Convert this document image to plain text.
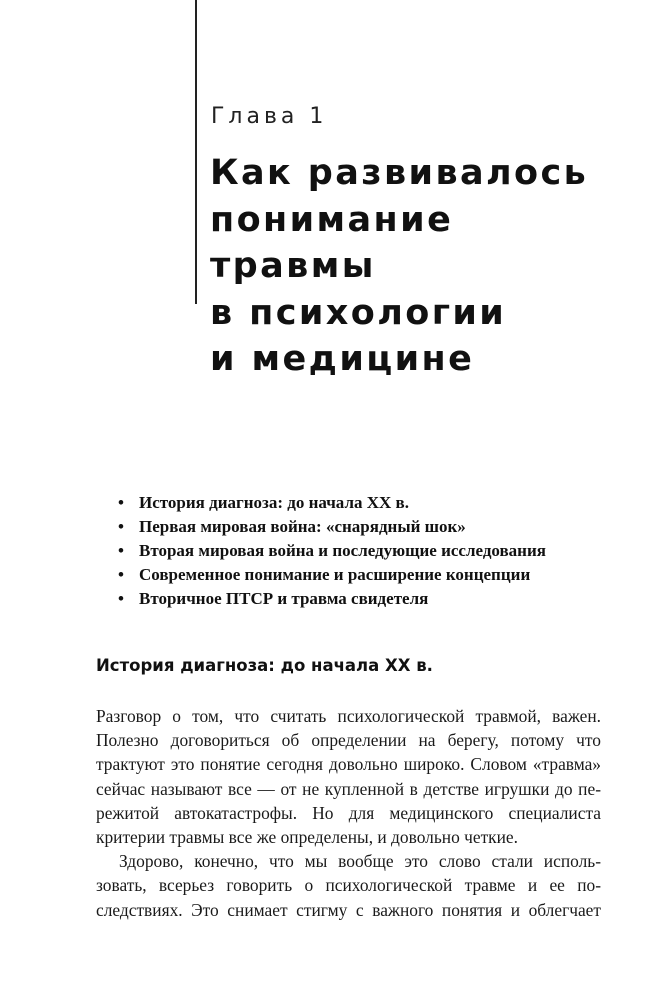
Глава 1

Как развивалось
понимание
травмы
в психологии
и медицине
• История диагноза: до начала XX в.
• Первая мировая война: «снарядный шок»
• Вторая мировая война и последующие исследования
• Современное понимание и расширение концепции
• Вторичное ПТСР и травма свидетеля
История диагноза: до начала XX в.
Разговор о том, что считать психологической травмой, важен.
Полезно договориться об определении на берегу, потому что
трактуют это понятие сегодня довольно широко. Словом «травма»
сейчас называют все — от не купленной в детстве игрушки до пе-
режитой автокатастрофы. Но для медицинского специалиста
критерии травмы все же определены, и довольно четкие.
Здорово, конечно, что мы вообще это слово стали исполь-
зовать, всерьез говорить о психологической травме и ее по-
следствиях. Это снимает стигму с важного понятия и облегчает
